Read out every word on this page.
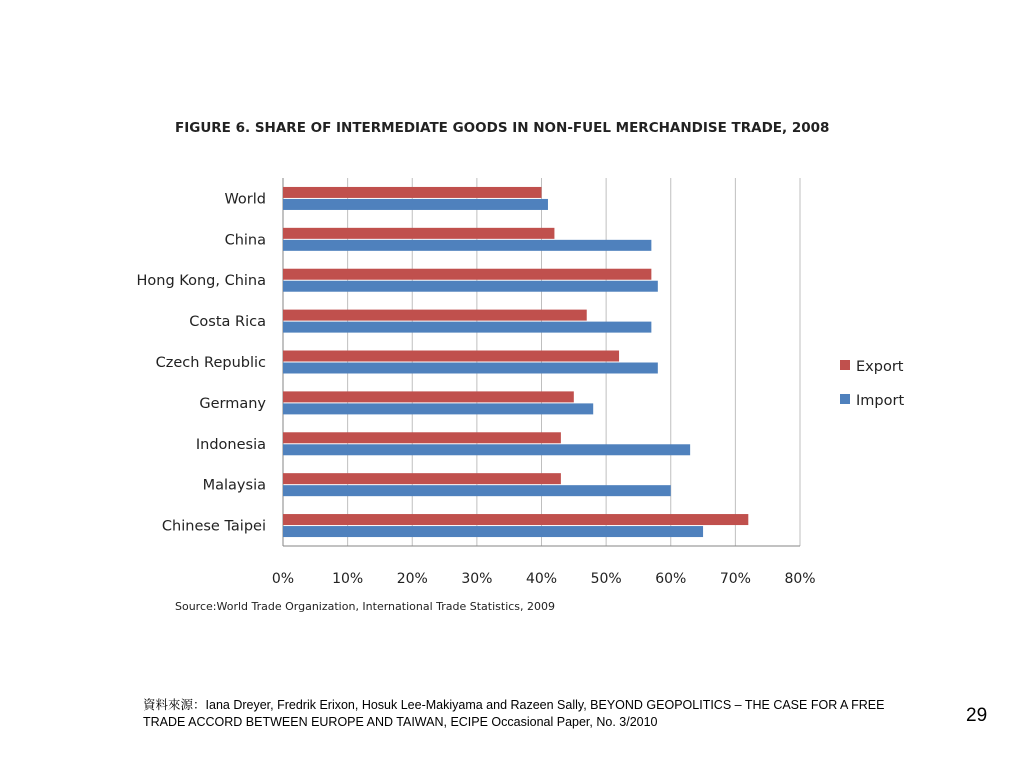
FIGURE 6. SHARE OF INTERMEDIATE GOODS IN NON-FUEL MERCHANDISE TRADE, 2008
World
China
Hong Kong, China
Costa Rica
Czech Republic
Germany
Indonesia
Malaysia
Chinese Taipei
0%	10% 20% 30% 40% 50% 60% 70% 80%
Export
Import
Source:World Trade Organization, International Trade Statistics, 2009
資料來源：Iana Dreyer, Fredrik Erixon, Hosuk Lee-Makiyama and Razeen Sally, BEYOND GEOPOLITICS – THE CASE FOR A FREE TRADE ACCORD BETWEEN EUROPE AND TAIWAN, ECIPE Occasional Paper, No. 3/2010	29
